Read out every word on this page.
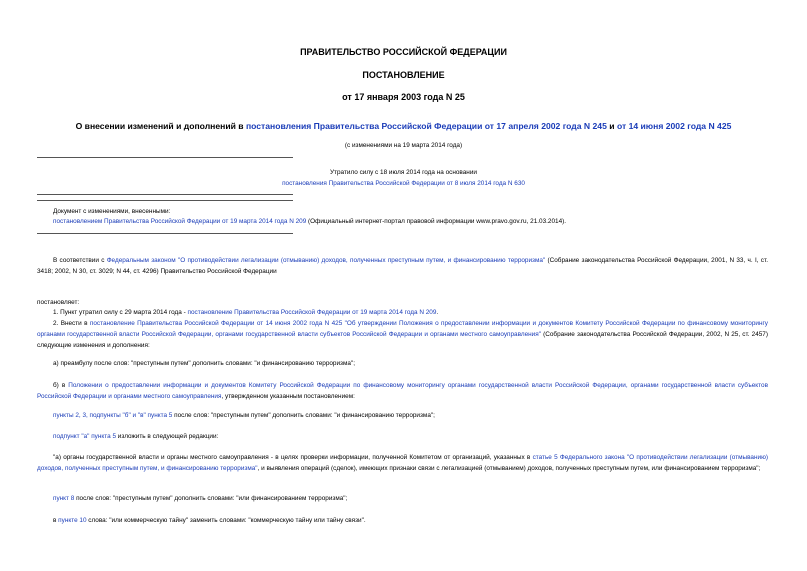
ПРАВИТЕЛЬСТВО РОССИЙСКОЙ ФЕДЕРАЦИИ
ПОСТАНОВЛЕНИЕ
от 17 января 2003 года N 25
О внесении изменений и дополнений в постановления Правительства Российской Федерации от 17 апреля 2002 года N 245 и от 14 июня 2002 года N 425
(с изменениями на 19 марта 2014 года)
Утратило силу с 18 июля 2014 года на основании
постановления Правительства Российской Федерации от 8 июля 2014 года N 630
Документ с изменениями, внесенными:
постановлением Правительства Российской Федерации от 19 марта 2014 года N 209 (Официальный интернет-портал правовой информации www.pravo.gov.ru, 21.03.2014).
В соответствии с Федеральным законом "О противодействии легализации (отмыванию) доходов, полученных преступным путем, и финансированию терроризма" (Собрание законодательства Российской Федерации, 2001, N 33, ч. I, ст. 3418; 2002, N 30, ст. 3029; N 44, ст. 4296) Правительство Российской Федерации
постановляет:
1. Пункт утратил силу с 29 марта 2014 года - постановление Правительства Российской Федерации от 19 марта 2014 года N 209.
2. Внести в постановление Правительства Российской Федерации от 14 июня 2002 года N 425 "Об утверждении Положения о предоставлении информации и документов Комитету Российской Федерации по финансовому мониторингу органами государственной власти Российской Федерации, органами государственной власти субъектов Российской Федерации и органами местного самоуправления" (Собрание законодательства Российской Федерации, 2002, N 25, ст. 2457) следующие изменения и дополнения:
а) преамбулу после слов: "преступным путем" дополнить словами: "и финансированию терроризма";
б) в Положении о предоставлении информации и документов Комитету Российской Федерации по финансовому мониторингу органами государственной власти Российской Федерации, органами государственной власти субъектов Российской Федерации и органами местного самоуправления, утвержденном указанным постановлением:
пункты 2, 3, подпункты "б" и "в" пункта 5 после слов: "преступным путем" дополнить словами: "и финансированию терроризма";
подпункт "а" пункта 5 изложить в следующей редакции:
"а) органы государственной власти и органы местного самоуправления - в целях проверки информации, полученной Комитетом от организаций, указанных в статье 5 Федерального закона "О противодействии легализации (отмыванию) доходов, полученных преступным путем, и финансированию терроризма", и выявления операций (сделок), имеющих признаки связи с легализацией (отмыванием) доходов, полученных преступным путем, или финансированием терроризма";
пункт 8 после слов: "преступным путем" дополнить словами: "или финансированием терроризма";
в пункте 10 слова: "или коммерческую тайну" заменить словами: "коммерческую тайну или тайну связи".
